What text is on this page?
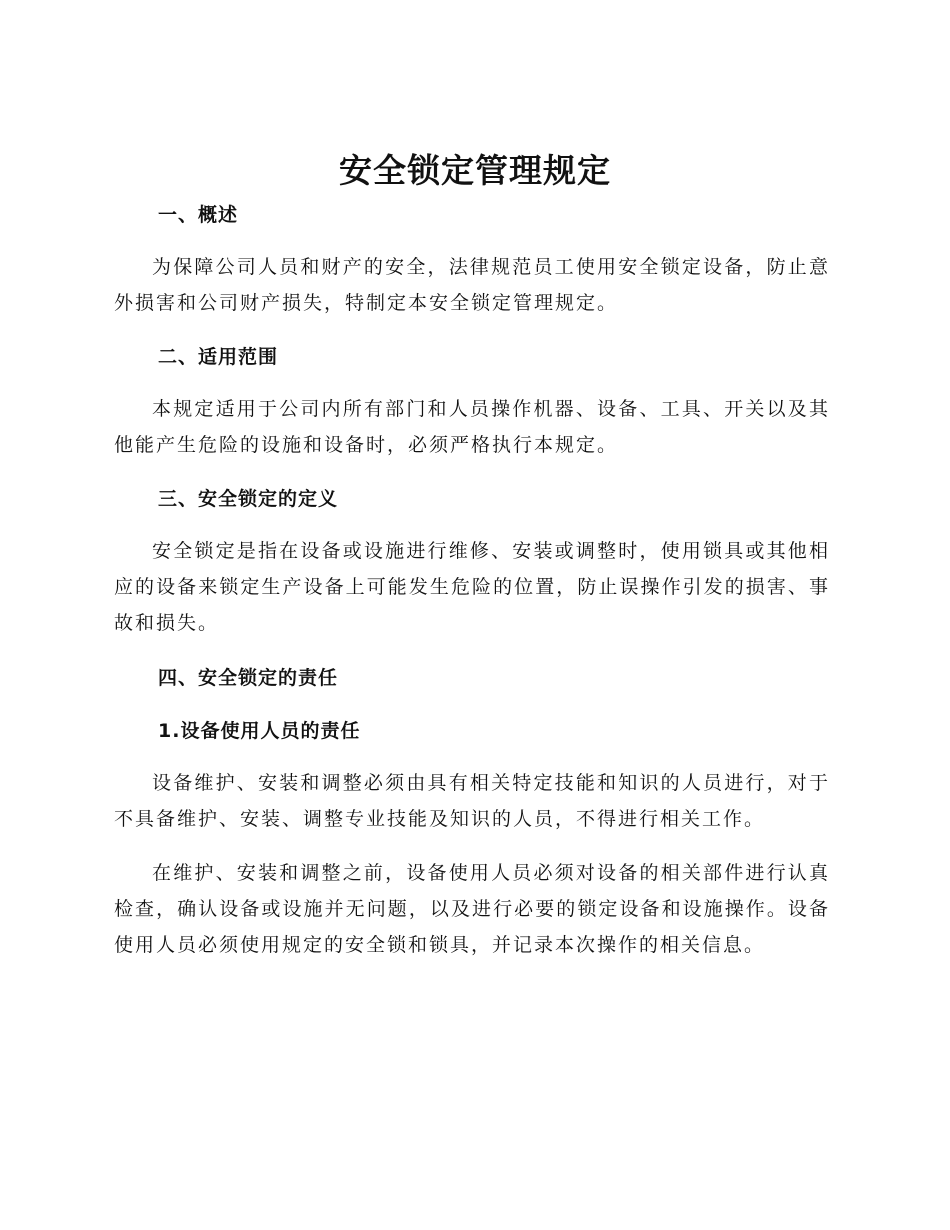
安全锁定管理规定
一、概述

为保障公司人员和财产的安全，法律规范员工使用安全锁定设备，防止意外损害和公司财产损失，特制定本安全锁定管理规定。

二、适用范围

本规定适用于公司内所有部门和人员操作机器、设备、工具、开关以及其他能产生危险的设施和设备时，必须严格执行本规定。

三、安全锁定的定义

安全锁定是指在设备或设施进行维修、安装或调整时，使用锁具或其他相应的设备来锁定生产设备上可能发生危险的位置，防止误操作引发的损害、事故和损失。

四、安全锁定的责任
1.设备使用人员的责任

设备维护、安装和调整必须由具有相关特定技能和知识的人员进行，对于不具备维护、安装、调整专业技能及知识的人员，不得进行相关工作。

在维护、安装和调整之前，设备使用人员必须对设备的相关部件进行认真检查，确认设备或设施并无问题，以及进行必要的锁定设备和设施操作。设备使用人员必须使用规定的安全锁和锁具，并记录本次操作的相关信息。
